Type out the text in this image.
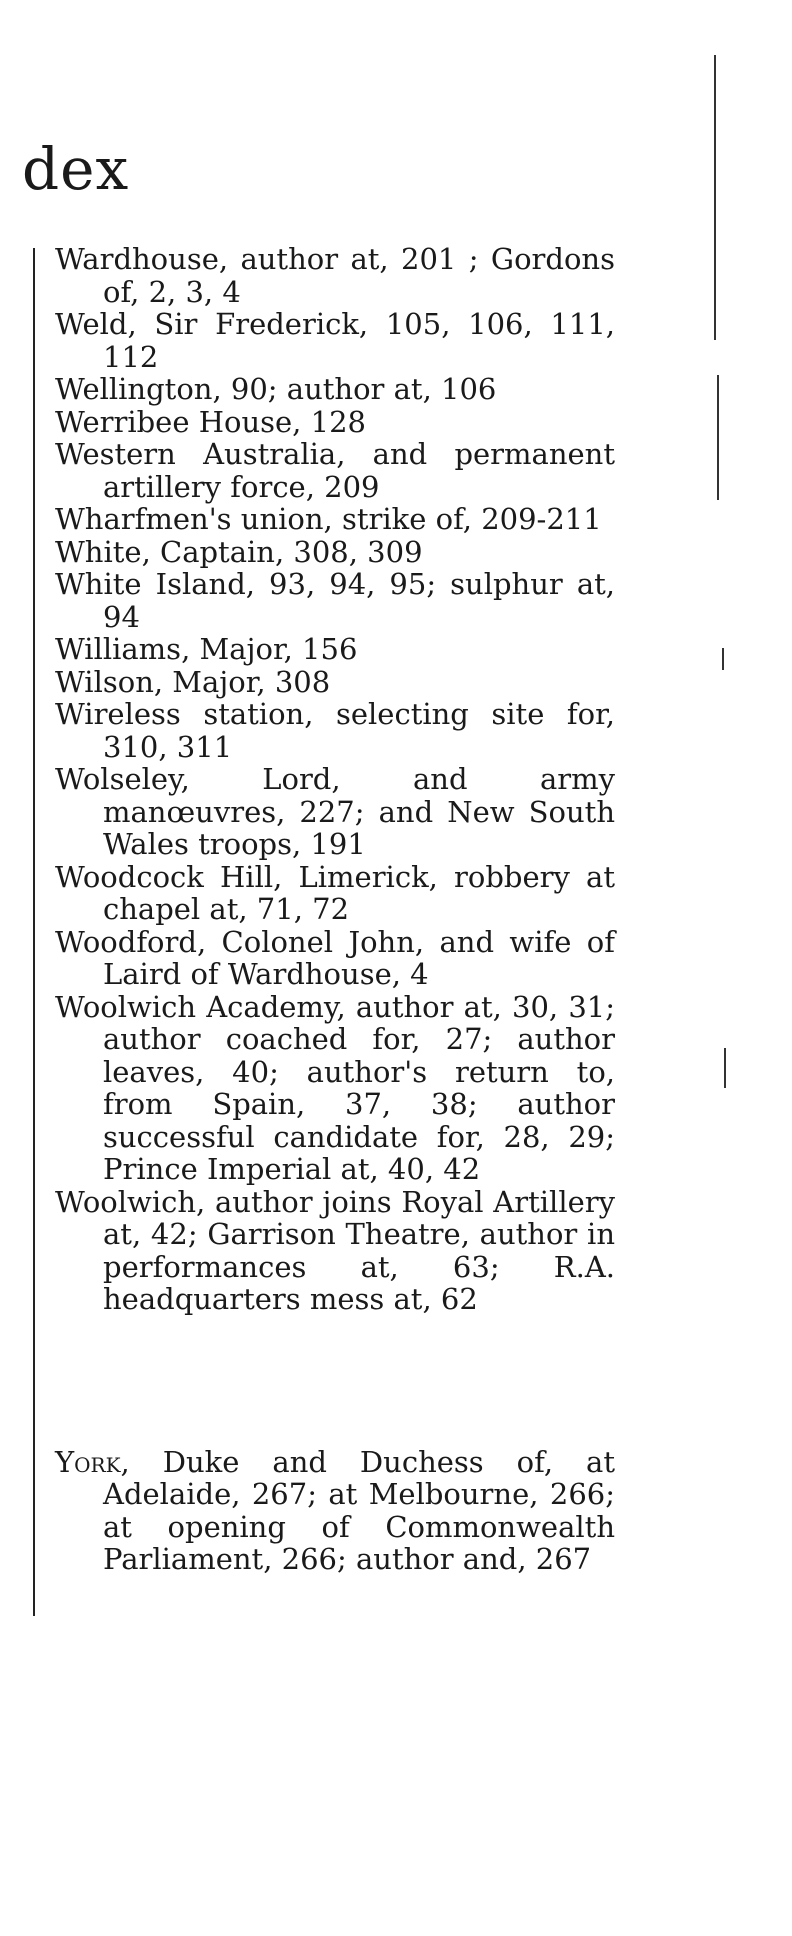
dex
Wardhouse, author at, 201 ; Gordons of, 2, 3, 4
Weld, Sir Frederick, 105, 106, 111, 112
Wellington, 90; author at, 106
Werribee House, 128
Western Australia, and permanent artillery force, 209
Wharfmen's union, strike of, 209-211
White, Captain, 308, 309
White Island, 93, 94, 95; sulphur at, 94
Williams, Major, 156
Wilson, Major, 308
Wireless station, selecting site for, 310, 311
Wolseley, Lord, and army manœuvres, 227; and New South Wales troops, 191
Woodcock Hill, Limerick, robbery at chapel at, 71, 72
Woodford, Colonel John, and wife of Laird of Wardhouse, 4
Woolwich Academy, author at, 30, 31; author coached for, 27; author leaves, 40; author's return to, from Spain, 37, 38; author successful candidate for, 28, 29; Prince Imperial at, 40, 42
Woolwich, author joins Royal Artillery at, 42; Garrison Theatre, author in performances at, 63; R.A. headquarters mess at, 62
York, Duke and Duchess of, at Adelaide, 267; at Melbourne, 266; at opening of Commonwealth Parliament, 266; author and, 267
